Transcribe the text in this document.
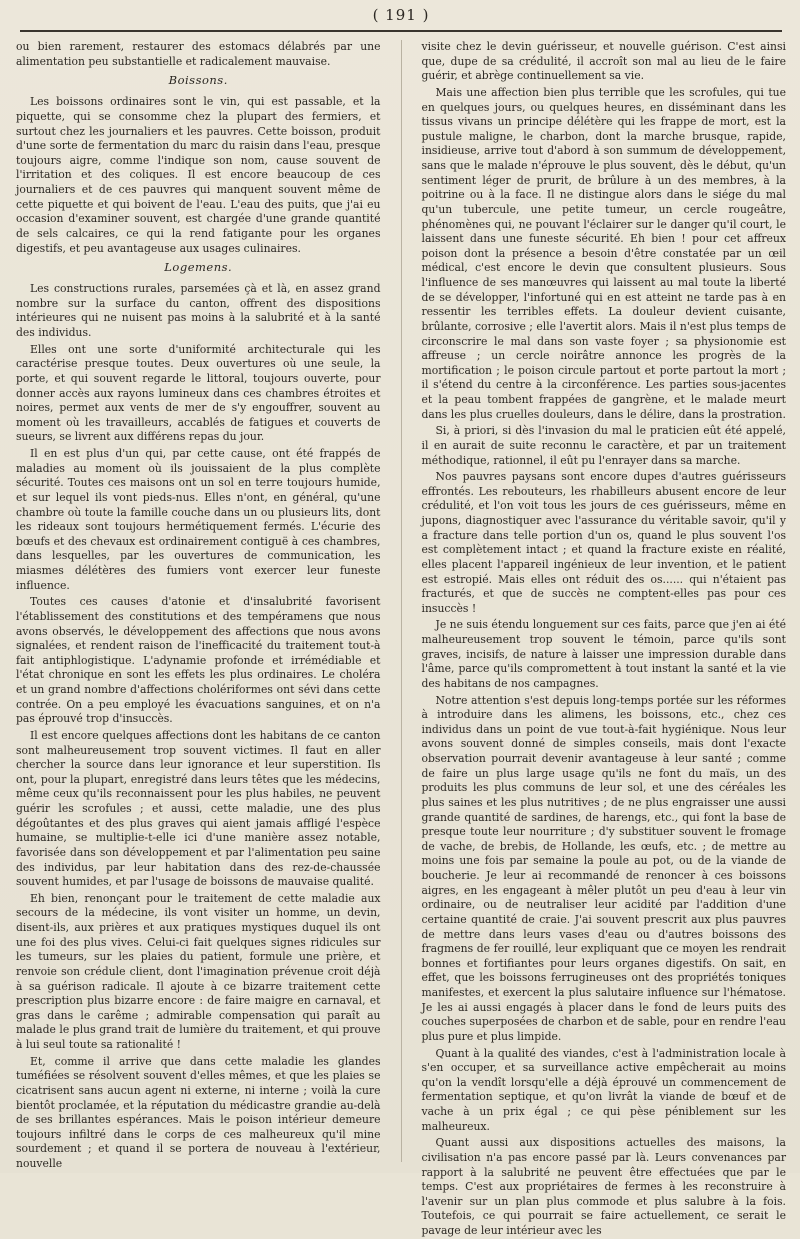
( 191 )

ou bien rarement, restaurer des estomacs délabrés par une alimentation peu substantielle et radicalement mauvaise.

Boissons.

Les boissons ordinaires sont le vin, qui est passable, et la piquette, qui se consomme chez la plupart des fermiers, et surtout chez les journaliers et les pauvres. Cette boisson, produit d'une sorte de fermentation du marc du raisin dans l'eau, presque toujours aigre, comme l'indique son nom, cause souvent de l'irritation et des coliques. Il est encore beaucoup de ces journaliers et de ces pauvres qui manquent souvent même de cette piquette et qui boivent de l'eau. L'eau des puits, que j'ai eu occasion d'examiner souvent, est chargée d'une grande quantité de sels calcaires, ce qui la rend fatigante pour les organes digestifs, et peu avantageuse aux usages culinaires.

Logemens.

Les constructions rurales, parsemées çà et là, en assez grand nombre sur la surface du canton, offrent des dispositions intérieures qui ne nuisent pas moins à la salubrité et à la santé des individus.

Elles ont une sorte d'uniformité architecturale qui les caractérise presque toutes. Deux ouvertures où une seule, la porte, et qui souvent regarde le littoral, toujours ouverte, pour donner accès aux rayons lumineux dans ces chambres étroites et noires, permet aux vents de mer de s'y engouffrer, souvent au moment où les travailleurs, accablés de fatigues et couverts de sueurs, se livrent aux différens repas du jour.

Il en est plus d'un qui, par cette cause, ont été frappés de maladies au moment où ils jouissaient de la plus complète sécurité. Toutes ces maisons ont un sol en terre toujours humide, et sur lequel ils vont pieds-nus. Elles n'ont, en général, qu'une chambre où toute la famille couche dans un ou plusieurs lits, dont les rideaux sont toujours hermétiquement fermés. L'écurie des bœufs et des chevaux est ordinairement contiguë à ces chambres, dans lesquelles, par les ouvertures de communication, les miasmes délétères des fumiers vont exercer leur funeste influence.

Toutes ces causes d'atonie et d'insalubrité favorisent l'établissement des constitutions et des tempéramens que nous avons observés, le développement des affections que nous avons signalées, et rendent raison de l'inefficacité du traitement tout-à fait antiphlogistique. L'adynamie profonde et irrémédiable et l'état chronique en sont les effets les plus ordinaires. Le choléra et un grand nombre d'affections cholériformes ont sévi dans cette contrée. On a peu employé les évacuations sanguines, et on n'a pas éprouvé trop d'insuccès.

Il est encore quelques affections dont les habitans de ce canton sont malheureusement trop souvent victimes. Il faut en aller chercher la source dans leur ignorance et leur superstition. Ils ont, pour la plupart, enregistré dans leurs têtes que les médecins, même ceux qu'ils reconnaissent pour les plus habiles, ne peuvent guérir les scrofules ; et aussi, cette maladie, une des plus dégoûtantes et des plus graves qui aient jamais affligé l'espèce humaine, se multiplie-t-elle ici d'une manière assez notable, favorisée dans son développement et par l'alimentation peu saine des individus, par leur habitation dans des rez-de-chaussée souvent humides, et par l'usage de boissons de mauvaise qualité.

Eh bien, renonçant pour le traitement de cette maladie aux secours de la médecine, ils vont visiter un homme, un devin, disent-ils, aux prières et aux pratiques mystiques duquel ils ont une foi des plus vives. Celui-ci fait quelques signes ridicules sur les tumeurs, sur les plaies du patient, formule une prière, et renvoie son crédule client, dont l'imagination prévenue croit déjà à sa guérison radicale. Il ajoute à ce bizarre traitement cette prescription plus bizarre encore : de faire maigre en carnaval, et gras dans le carême ; admirable compensation qui paraît au malade le plus grand trait de lumière du traitement, et qui prouve à lui seul toute sa rationalité !

Et, comme il arrive que dans cette maladie les glandes tuméfiées se résolvent souvent d'elles mêmes, et que les plaies se cicatrisent sans aucun agent ni externe, ni interne ; voilà la cure bientôt proclamée, et la réputation du médicastre grandie au-delà de ses brillantes espérances. Mais le poison intérieur demeure toujours infiltré dans le corps de ces malheureux qu'il mine sourdement ; et quand il se portera de nouveau à l'extérieur, nouvelle

visite chez le devin guérisseur, et nouvelle guérison. C'est ainsi que, dupe de sa crédulité, il accroît son mal au lieu de le faire guérir, et abrège continuellement sa vie.

Mais une affection bien plus terrible que les scrofules, qui tue en quelques jours, ou quelques heures, en disséminant dans les tissus vivans un principe délétère qui les frappe de mort, est la pustule maligne, le charbon, dont la marche brusque, rapide, insidieuse, arrive tout d'abord à son summum de développement, sans que le malade n'éprouve le plus souvent, dès le début, qu'un sentiment léger de prurit, de brûlure à un des membres, à la poitrine ou à la face. Il ne distingue alors dans le siége du mal qu'un tubercule, une petite tumeur, un cercle rougeâtre, phénomènes qui, ne pouvant l'éclairer sur le danger qu'il court, le laissent dans une funeste sécurité. Eh bien ! pour cet affreux poison dont la présence a besoin d'être constatée par un œil médical, c'est encore le devin que consultent plusieurs. Sous l'influence de ses manœuvres qui laissent au mal toute la liberté de se développer, l'infortuné qui en est atteint ne tarde pas à en ressentir les terribles effets. La douleur devient cuisante, brûlante, corrosive ; elle l'avertit alors. Mais il n'est plus temps de circonscrire le mal dans son vaste foyer ; sa physionomie est affreuse ; un cercle noirâtre annonce les progrès de la mortification ; le poison circule partout et porte partout la mort ; il s'étend du centre à la circonférence. Les parties sous-jacentes et la peau tombent frappées de gangrène, et le malade meurt dans les plus cruelles douleurs, dans le délire, dans la prostration.

Si, à priori, si dès l'invasion du mal le praticien eût été appelé, il en aurait de suite reconnu le caractère, et par un traitement méthodique, rationnel, il eût pu l'enrayer dans sa marche.

Nos pauvres paysans sont encore dupes d'autres guérisseurs effrontés. Les rebouteurs, les rhabilleurs abusent encore de leur crédulité, et l'on voit tous les jours de ces guérisseurs, même en jupons, diagnostiquer avec l'assurance du véritable savoir, qu'il y a fracture dans telle portion d'un os, quand le plus souvent l'os est complètement intact ; et quand la fracture existe en réalité, elles placent l'appareil ingénieux de leur invention, et le patient est estropié. Mais elles ont réduit des os...... qui n'étaient pas fracturés, et que de succès ne comptent-elles pas pour ces insuccès !

Je ne suis étendu longuement sur ces faits, parce que j'en ai été malheureusement trop souvent le témoin, parce qu'ils sont graves, incisifs, de nature à laisser une impression durable dans l'âme, parce qu'ils compromettent à tout instant la santé et la vie des habitans de nos campagnes.

Notre attention s'est depuis long-temps portée sur les réformes à introduire dans les alimens, les boissons, etc., chez ces individus dans un point de vue tout-à-fait hygiénique. Nous leur avons souvent donné de simples conseils, mais dont l'exacte observation pourrait devenir avantageuse à leur santé ; comme de faire un plus large usage qu'ils ne font du maïs, un des produits les plus communs de leur sol, et une des céréales les plus saines et les plus nutritives ; de ne plus engraisser une aussi grande quantité de sardines, de harengs, etc., qui font la base de presque toute leur nourriture ; d'y substituer souvent le fromage de vache, de brebis, de Hollande, les œufs, etc. ; de mettre au moins une fois par semaine la poule au pot, ou de la viande de boucherie. Je leur ai recommandé de renoncer à ces boissons aigres, en les engageant à mêler plutôt un peu d'eau à leur vin ordinaire, ou de neutraliser leur acidité par l'addition d'une certaine quantité de craie. J'ai souvent prescrit aux plus pauvres de mettre dans leurs vases d'eau ou d'autres boissons des fragmens de fer rouillé, leur expliquant que ce moyen les rendrait bonnes et fortifiantes pour leurs organes digestifs. On sait, en effet, que les boissons ferrugineuses ont des propriétés toniques manifestes, et exercent la plus salutaire influence sur l'hématose. Je les ai aussi engagés à placer dans le fond de leurs puits des couches superposées de charbon et de sable, pour en rendre l'eau plus pure et plus limpide.

Quant à la qualité des viandes, c'est à l'administration locale à s'en occuper, et sa surveillance active empêcherait au moins qu'on la vendît lorsqu'elle a déjà éprouvé un commencement de fermentation septique, et qu'on livrât la viande de bœuf et de vache à un prix égal ; ce qui pèse péniblement sur les malheureux.

Quant aussi aux dispositions actuelles des maisons, la civilisation n'a pas encore passé par là. Leurs convenances par rapport à la salubrité ne peuvent être effectuées que par le temps. C'est aux propriétaires de fermes à les reconstruire à l'avenir sur un plan plus commode et plus salubre à la fois. Toutefois, ce qui pourrait se faire actuellement, ce serait le pavage de leur intérieur avec les
